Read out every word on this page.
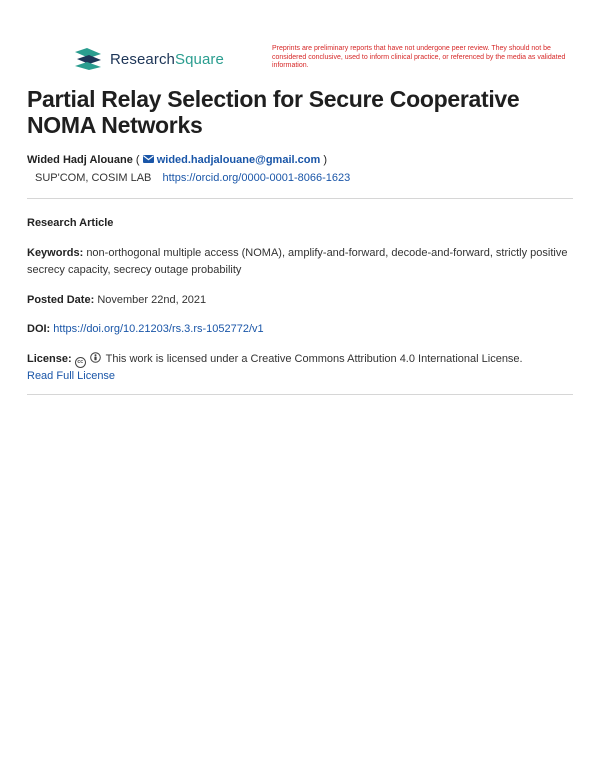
ResearchSquare
Preprints are preliminary reports that have not undergone peer review. They should not be considered conclusive, used to inform clinical practice, or referenced by the media as validated information.
Partial Relay Selection for Secure Cooperative NOMA Networks
Wided Hadj Alouane (  wided.hadjalouane@gmail.com )
SUP'COM, COSIM LAB https://orcid.org/0000-0001-8066-1623
Research Article
Keywords: non-orthogonal multiple access (NOMA), amplify-and-forward, decode-and-forward, strictly positive secrecy capacity, secrecy outage probability
Posted Date: November 22nd, 2021
DOI: https://doi.org/10.21203/rs.3.rs-1052772/v1
License: cc This work is licensed under a Creative Commons Attribution 4.0 International License.
Read Full License
